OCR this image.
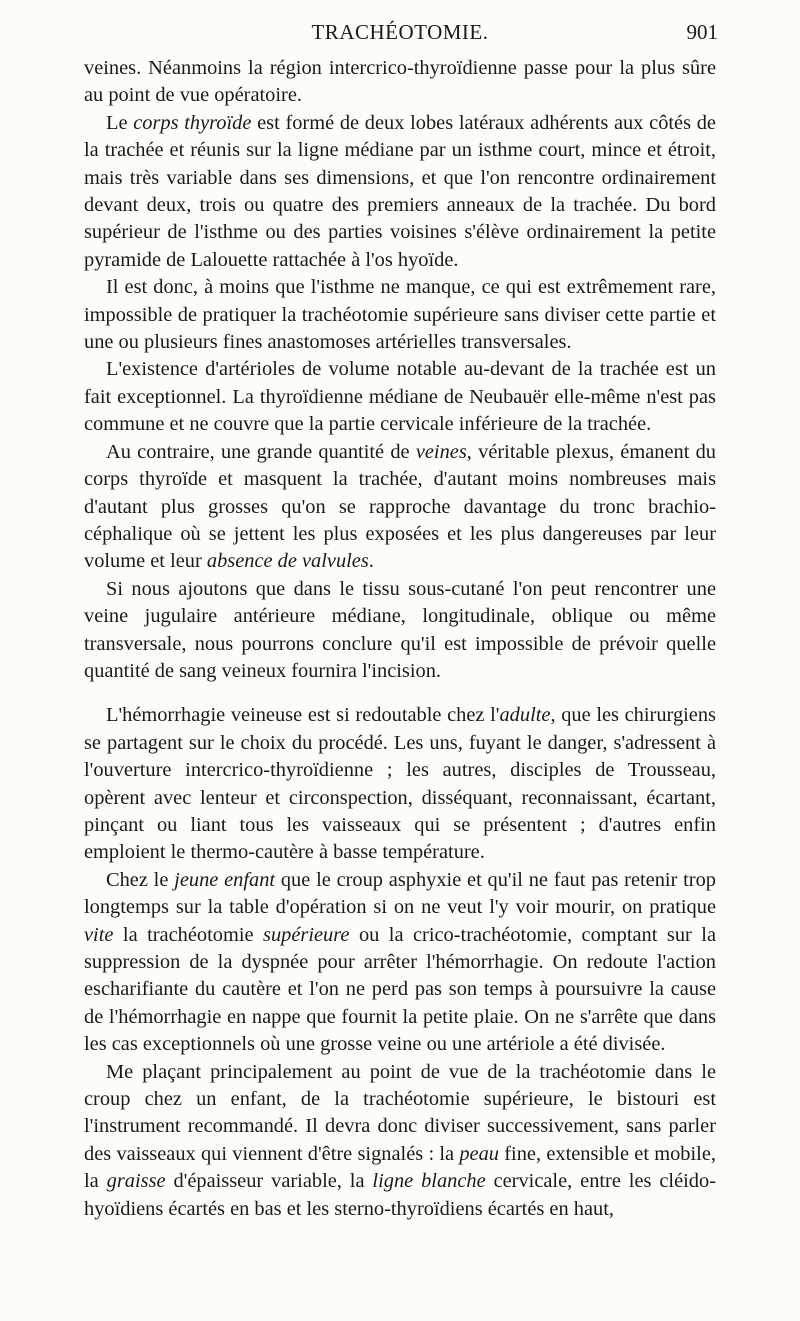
TRACHÉOTOMIE.	901

veines. Néanmoins la région intercrico-thyroïdienne passe pour la plus sûre au point de vue opératoire.

Le corps thyroïde est formé de deux lobes latéraux adhérents aux côtés de la trachée et réunis sur la ligne médiane par un isthme court, mince et étroit, mais très variable dans ses dimensions, et que l'on rencontre ordinairement devant deux, trois ou quatre des premiers anneaux de la trachée. Du bord supérieur de l'isthme ou des parties voisines s'élève ordinairement la petite pyramide de Lalouette rattachée à l'os hyoïde.

Il est donc, à moins que l'isthme ne manque, ce qui est extrêmement rare, impossible de pratiquer la trachéotomie supérieure sans diviser cette partie et une ou plusieurs fines anastomoses artérielles transversales.

L'existence d'artérioles de volume notable au-devant de la trachée est un fait exceptionnel. La thyroïdienne médiane de Neubauër elle-même n'est pas commune et ne couvre que la partie cervicale inférieure de la trachée.

Au contraire, une grande quantité de veines, véritable plexus, émanent du corps thyroïde et masquent la trachée, d'autant moins nombreuses mais d'autant plus grosses qu'on se rapproche davantage du tronc brachio-céphalique où se jettent les plus exposées et les plus dangereuses par leur volume et leur absence de valvules.

Si nous ajoutons que dans le tissu sous-cutané l'on peut rencontrer une veine jugulaire antérieure médiane, longitudinale, oblique ou même transversale, nous pourrons conclure qu'il est impossible de prévoir quelle quantité de sang veineux fournira l'incision.

L'hémorrhagie veineuse est si redoutable chez l'adulte, que les chirurgiens se partagent sur le choix du procédé. Les uns, fuyant le danger, s'adressent à l'ouverture intercrico-thyroïdienne ; les autres, disciples de Trousseau, opèrent avec lenteur et circonspection, disséquant, reconnaissant, écartant, pinçant ou liant tous les vaisseaux qui se présentent ; d'autres enfin emploient le thermo-cautère à basse température.

Chez le jeune enfant que le croup asphyxie et qu'il ne faut pas retenir trop longtemps sur la table d'opération si on ne veut l'y voir mourir, on pratique vite la trachéotomie supérieure ou la crico-trachéotomie, comptant sur la suppression de la dyspnée pour arrêter l'hémorrhagie. On redoute l'action escharifiante du cautère et l'on ne perd pas son temps à poursuivre la cause de l'hémorrhagie en nappe que fournit la petite plaie. On ne s'arrête que dans les cas exceptionnels où une grosse veine ou une artériole a été divisée.

Me plaçant principalement au point de vue de la trachéotomie dans le croup chez un enfant, de la trachéotomie supérieure, le bistouri est l'instrument recommandé. Il devra donc diviser successivement, sans parler des vaisseaux qui viennent d'être signalés : la peau fine, extensible et mobile, la graisse d'épaisseur variable, la ligne blanche cervicale, entre les cléido-hyoïdiens écartés en bas et les sterno-thyroïdiens écartés en haut,
